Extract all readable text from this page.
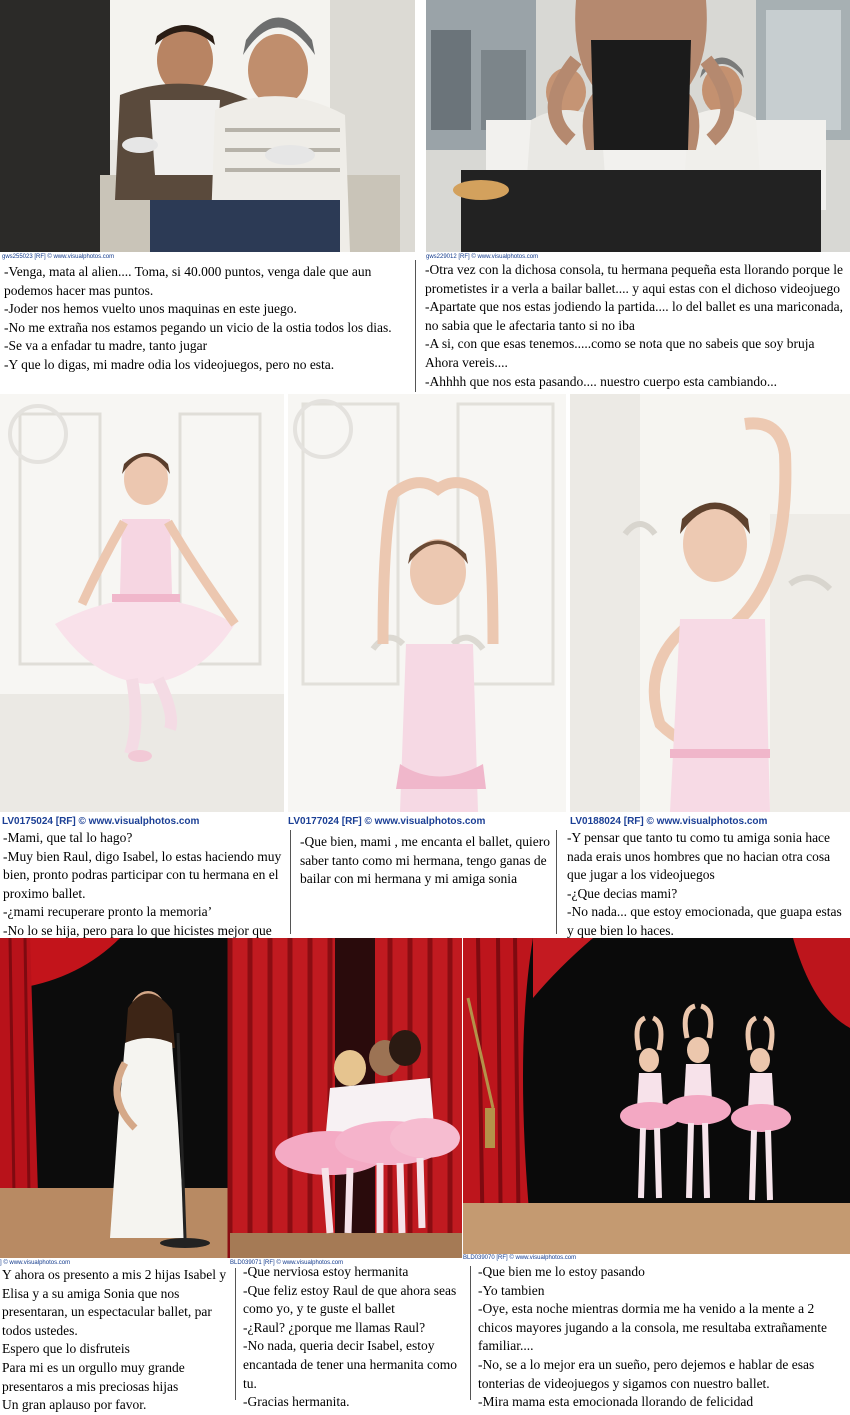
gws255023 [RF] © www.visualphotos.com	gws229012 [RF] © www.visualphotos.com

-Venga, mata al alien.... Toma, si 40.000 puntos, venga dale que aun podemos hacer mas puntos.

-Joder nos hemos vuelto unos maquinas en este juego.

-No me extraña nos estamos pegando un vicio de la ostia todos los dias.

-Se va a enfadar tu madre, tanto jugar

-Y que lo digas, mi madre odia los videojuegos, pero no esta.

-Otra vez con la dichosa consola, tu hermana pequeña esta llorando porque le prometistes ir a verla a bailar ballet.... y aqui estas con el dichoso videojuego

-Apartate que nos estas jodiendo la partida.... lo del ballet es una mariconada, no sabia que le afectaria tanto si no iba

-A si, con que esas tenemos.....como se nota que no sabeis que soy bruja Ahora vereis....

-Ahhhh que nos esta pasando.... nuestro cuerpo esta cambiando...

LV0175024 [RF] © www.visualphotos.com	LV0177024 [RF] © www.visualphotos.com	LV0188024 [RF] © www.visualphotos.com

-Mami, que tal lo hago?

-Muy bien Raul, digo Isabel, lo estas haciendo muy bien, pronto podras participar con tu hermana en el proximo ballet.

-¿mami recuperare pronto la memoria’

-No lo se hija, pero para lo que hicistes mejor que

-Que bien, mami , me encanta el ballet, quiero saber tanto como mi hermana, tengo ganas de bailar con mi hermana y mi amiga sonia

-Y pensar que tanto tu como tu amiga sonia hace nada erais unos hombres que no hacian otra cosa que jugar a los videojuegos

-¿Que decias mami?

-No nada... que estoy emocionada, que guapa estas y que bien lo haces.

] © www.visualphotos.com	BLD039071 [RF] © www.visualphotos.com
BLD039070 [RF] © www.visualphotos.com

Y ahora os presento a mis 2 hijas Isabel y Elisa y a su amiga Sonia que nos presentaran, un espectacular ballet, par todos ustedes.

Espero que lo disfruteis

Para mi es un orgullo muy grande presentaros a mis preciosas hijas

Un gran aplauso por favor.

-Que nerviosa estoy hermanita

-Que feliz estoy Raul de que ahora seas como yo, y te guste el ballet

-¿Raul? ¿porque me llamas Raul?

-No nada, queria decir Isabel, estoy encantada de tener una hermanita como tu.

-Gracias hermanita.

-Que bien me lo estoy pasando

-Yo tambien

-Oye, esta noche mientras dormia me ha venido a la mente a 2 chicos mayores jugando a la consola, me resultaba extrañamente familiar....

-No, se a lo mejor era un sueño, pero dejemos e hablar de esas tonterias de videojuegos y sigamos con nuestro ballet.

-Mira mama esta emocionada llorando de felicidad
